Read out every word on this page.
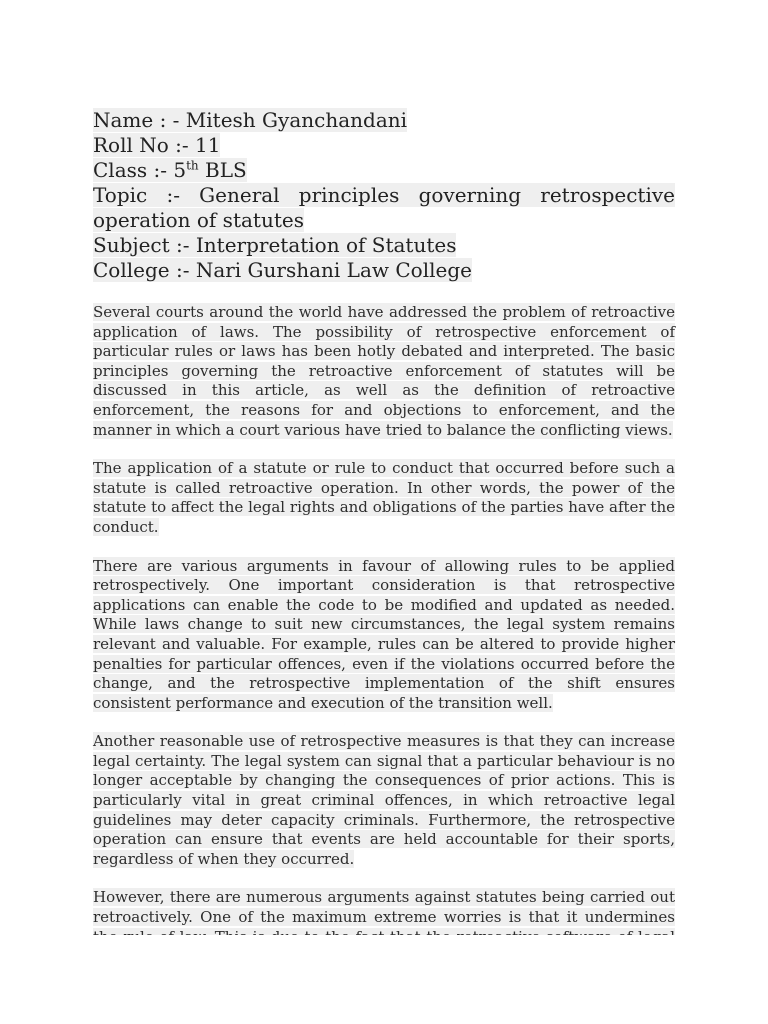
Name : - Mitesh Gyanchandani
Roll No :- 11
Class :- 5th BLS
Topic :- General principles governing retrospective operation of statutes
Subject :- Interpretation of Statutes
College :- Nari Gurshani Law College

Several courts around the world have addressed the problem of retroactive application of laws. The possibility of retrospective enforcement of particular rules or laws has been hotly debated and interpreted. The basic principles governing the retroactive enforcement of statutes will be discussed in this article, as well as the definition of retroactive enforcement, the reasons for and objections to enforcement, and the manner in which a court various have tried to balance the conflicting views.

The application of a statute or rule to conduct that occurred before such a statute is called retroactive operation. In other words, the power of the statute to affect the legal rights and obligations of the parties have after the conduct.

There are various arguments in favour of allowing rules to be applied retrospectively. One important consideration is that retrospective applications can enable the code to be modified and updated as needed. While laws change to suit new circumstances, the legal system remains relevant and valuable. For example, rules can be altered to provide higher penalties for particular offences, even if the violations occurred before the change, and the retrospective implementation of the shift ensures consistent performance and execution of the transition well.

Another reasonable use of retrospective measures is that they can increase legal certainty. The legal system can signal that a particular behaviour is no longer acceptable by changing the consequences of prior actions. This is particularly vital in great criminal offences, in which retroactive legal guidelines may deter capacity criminals. Furthermore, the retrospective operation can ensure that events are held accountable for their sports, regardless of when they occurred.

However, there are numerous arguments against statutes being carried out retroactively. One of the maximum extreme worries is that it undermines
